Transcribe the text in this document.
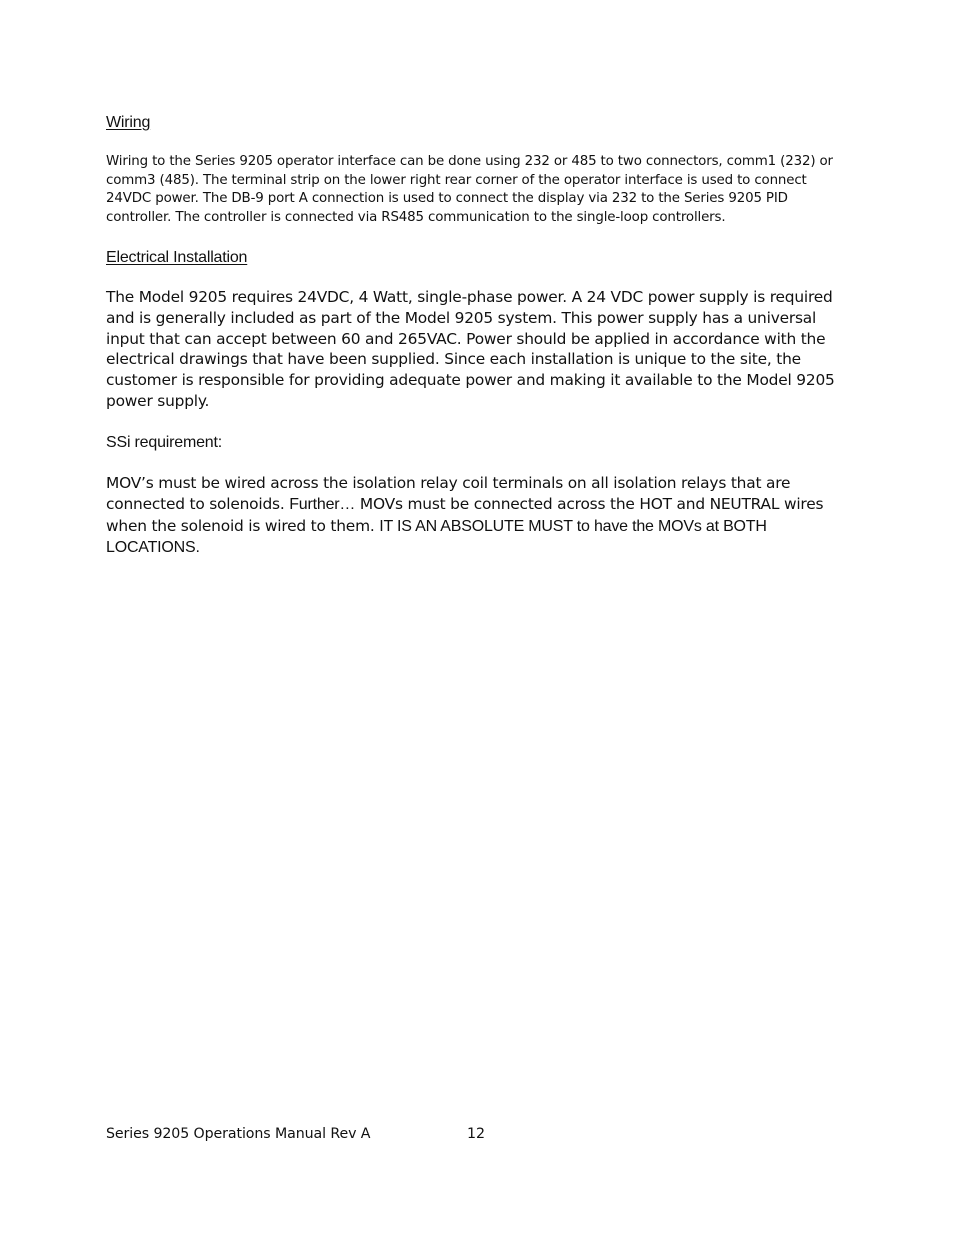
Wiring
Wiring to the Series 9205 operator interface can be done using 232 or 485 to two connectors, comm1 (232) or comm3 (485). The terminal strip on the lower right rear corner of the operator interface is used to connect 24VDC power. The DB-9 port A connection is used to connect the display via 232 to the Series 9205 PID controller. The controller is connected via RS485 communication to the single-loop controllers.
Electrical Installation
The Model 9205 requires 24VDC, 4 Watt, single-phase power. A 24 VDC power supply is required and is generally included as part of the Model 9205 system. This power supply has a universal input that can accept between 60 and 265VAC. Power should be applied in accordance with the electrical drawings that have been supplied. Since each installation is unique to the site, the customer is responsible for providing adequate power and making it available to the Model 9205 power supply.
SSi requirement:
MOV’s must be wired across the isolation relay coil terminals on all isolation relays that are connected to solenoids. Further… MOVs must be connected across the HOT and NEUTRAL wires when the solenoid is wired to them. IT IS AN ABSOLUTE MUST to have the MOVs at BOTH LOCATIONS.
Series 9205 Operations Manual Rev A	12
